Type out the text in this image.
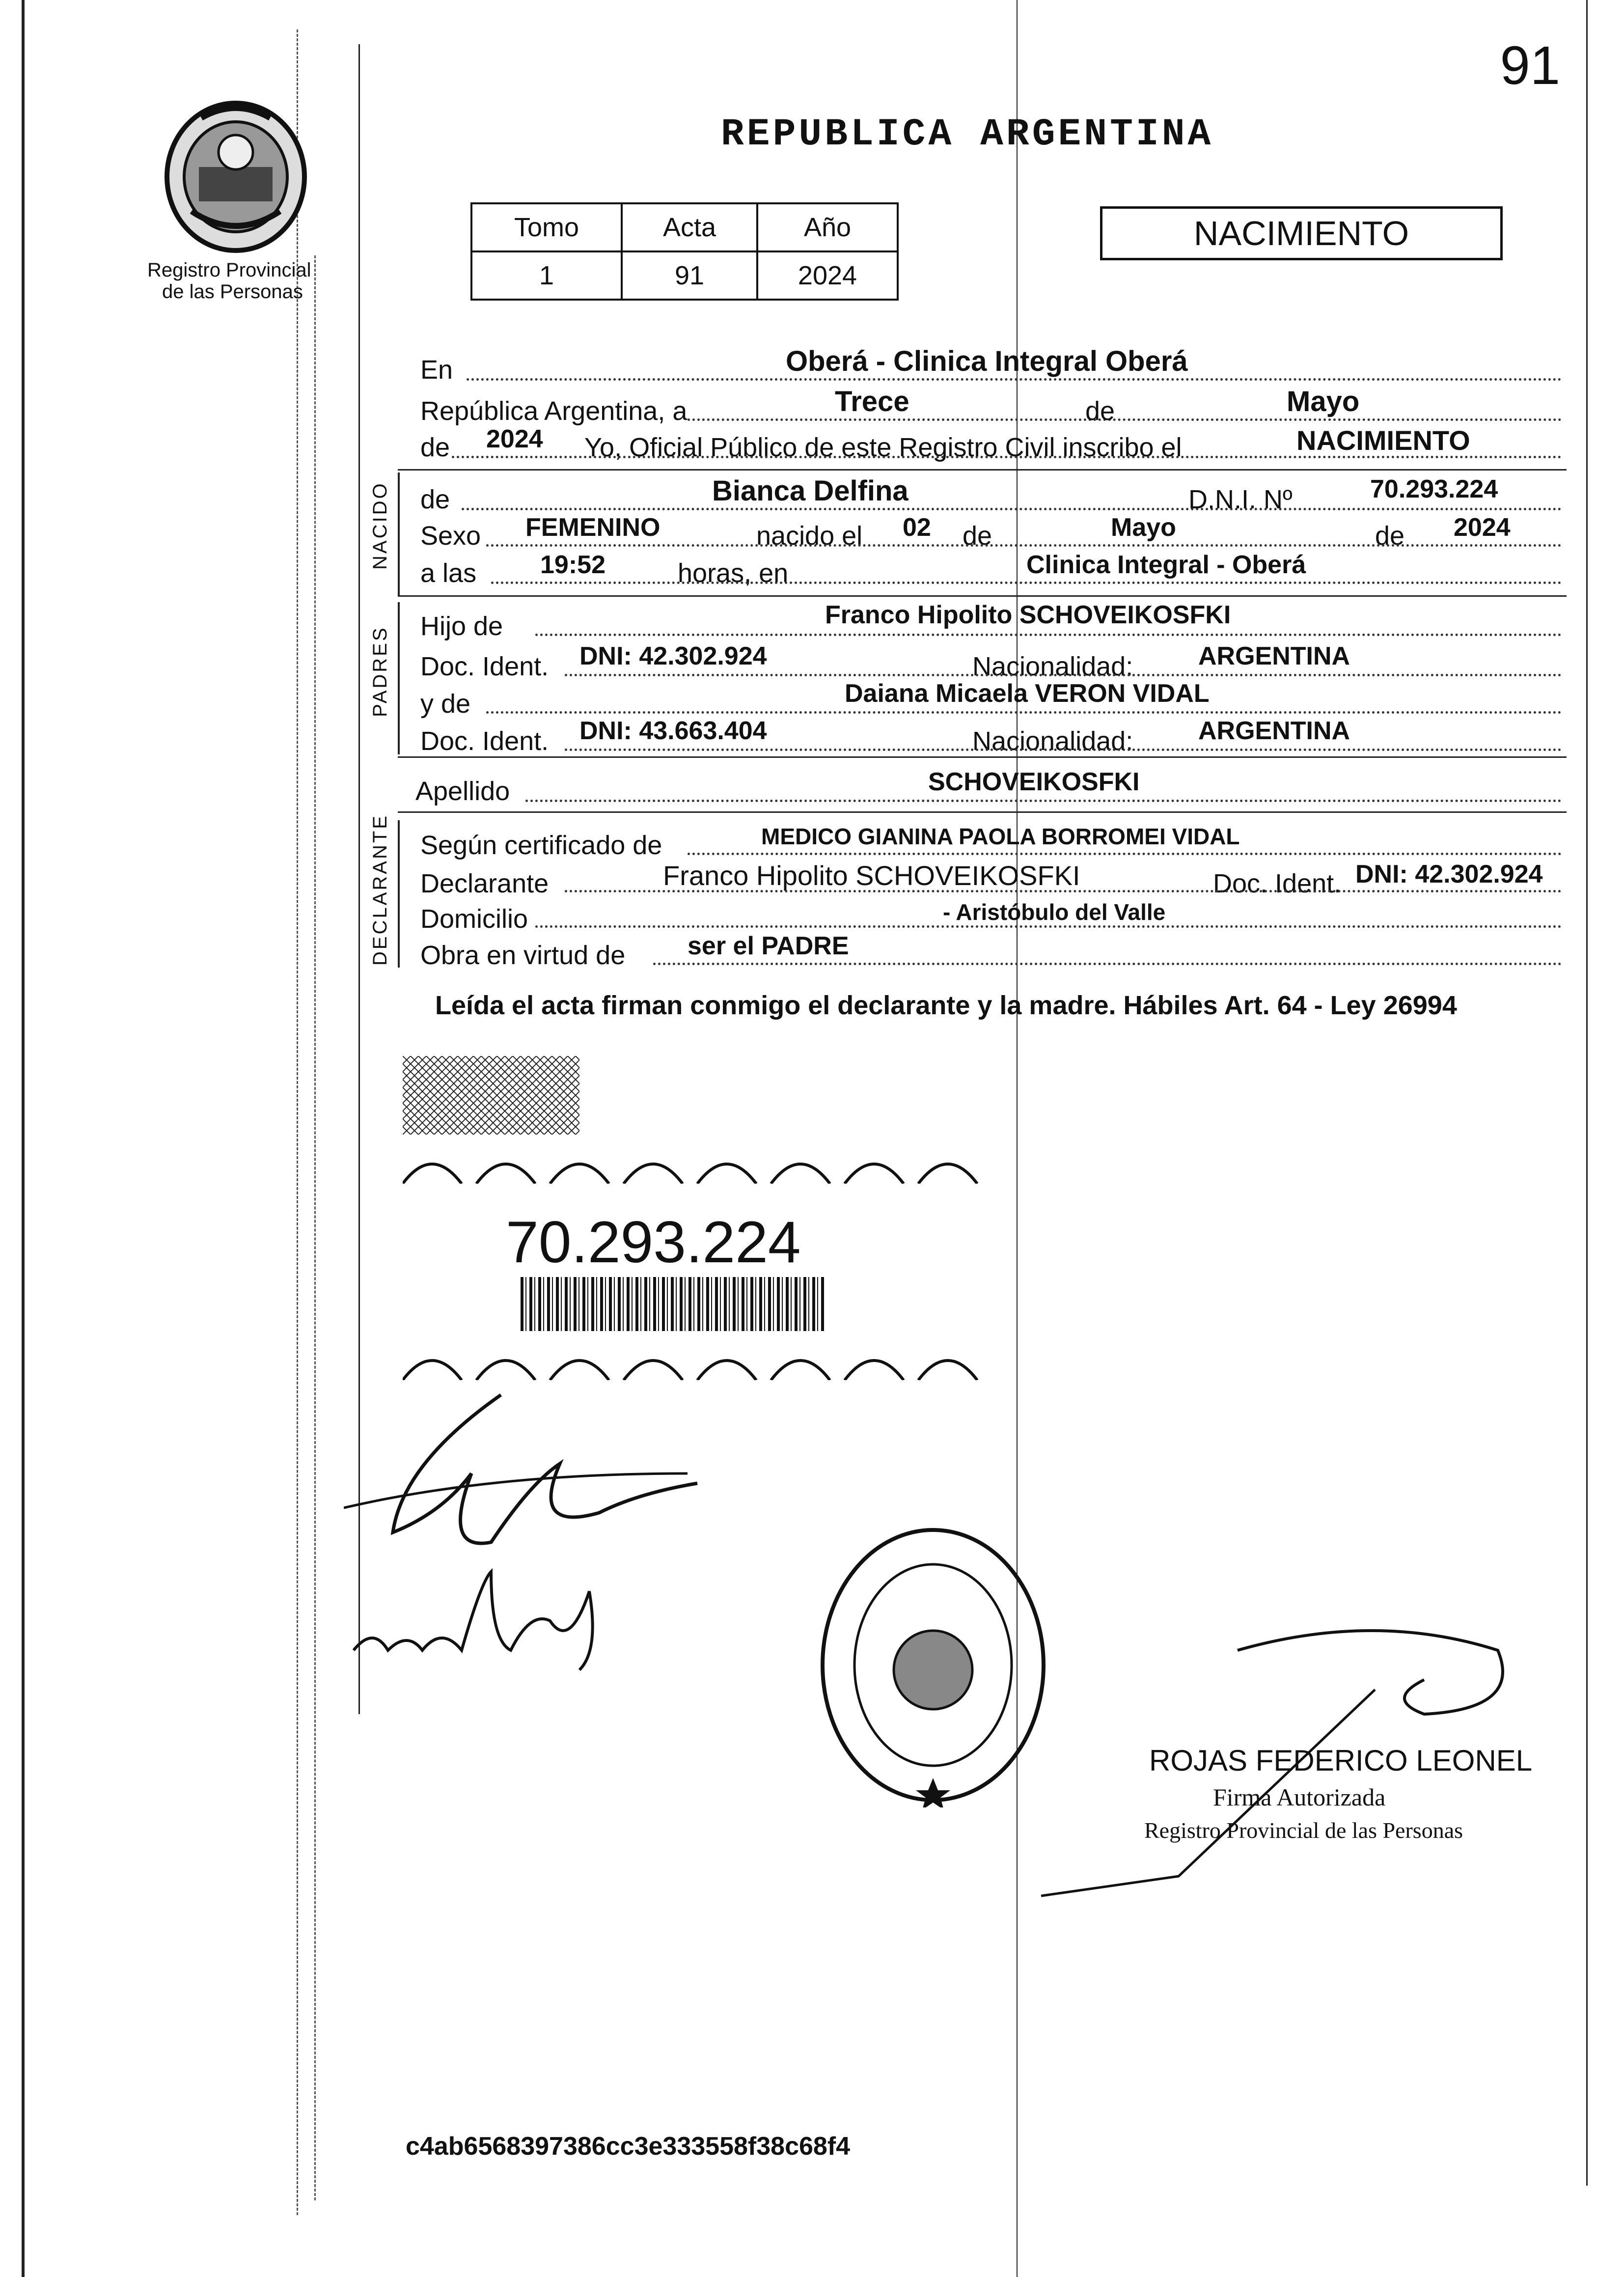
91
Registro Provincial
de las Personas
REPUBLICA ARGENTINA
Tomo	Acta	Año
1	91	2024
NACIMIENTO
En	Oberá - Clinica Integral Oberá
República Argentina, a	Trece	de	Mayo
de 2024 Yo, Oficial Público de este Registro Civil inscribo el	NACIMIENTO
NACIDO de	Bianca Delfina	D.N.I. Nº	70.293.224
Sexo FEMENINO	nacido el 02 de	Mayo	de 2024
a las 19:52	horas, en	Clinica Integral - Oberá
PADRES Hijo de	Franco Hipolito SCHOVEIKOSFKI
Doc. Ident. DNI: 42.302.924	Nacionalidad:	ARGENTINA
y de	Daiana Micaela VERON VIDAL
Doc. Ident. DNI: 43.663.404	Nacionalidad:	ARGENTINA
Apellido	SCHOVEIKOSFKI
DECLARANTE Según certificado de	MEDICO GIANINA PAOLA BORROMEI VIDAL
Declarante	Franco Hipolito SCHOVEIKOSFKI	Doc. Ident. DNI: 42.302.924
Domicilio	- Aristóbulo del Valle
Obra en virtud de ser el PADRE
Leída el acta firman conmigo el declarante y la madre. Hábiles Art. 64 - Ley 26994
70.293.224
ROJAS FEDERICO LEONEL
Firma Autorizada
Registro Provincial de las Personas
c4ab6568397386cc3e333558f38c68f4
